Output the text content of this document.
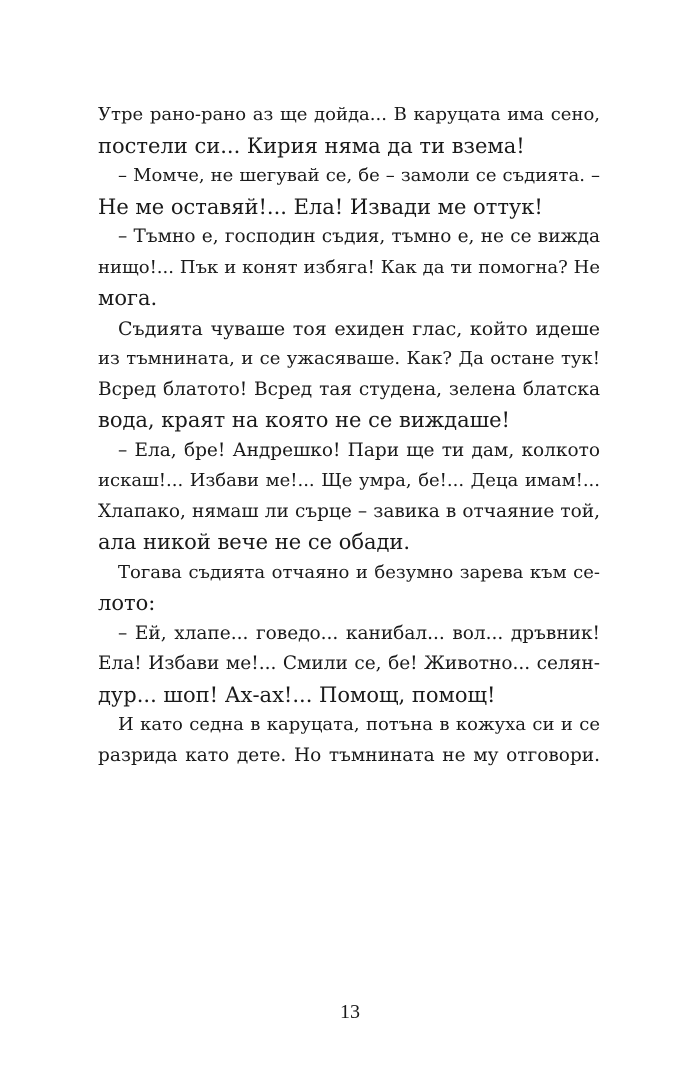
Утре рано-рано аз ще дойда... В каруцата има сено,
постели си... Кирия няма да ти взема!
– Момче, не шегувай се, бе – замоли се съдията. –
Не ме оставяй!... Ела! Извади ме оттук!
– Тъмно е, господин съдия, тъмно е, не се вижда
нищо!... Пък и конят избяга! Как да ти помогна? Не
мога.
Съдията чуваше тоя ехиден глас, който идеше
из тъмнината, и се ужасяваше. Как? Да остане тук!
Всред блатото! Всред тая студена, зелена блатска
вода, краят на която не се виждаше!
– Ела, бре! Андрешко! Пари ще ти дам, колкото
искаш!... Избави ме!... Ще умра, бе!... Деца имам!...
Хлапако, нямаш ли сърце – завика в отчаяние той,
ала никой вече не се обади.
Тогава съдията отчаяно и безумно зарева към се-
лото:
– Ей, хлапе... говедо... канибал... вол... дръвник!
Ела! Избави ме!... Смили се, бе! Животно... селян-
дур... шоп! Ах-ах!... Помощ, помощ!
И като седна в каруцата, потъна в кожуха си и се
разрида като дете. Но тъмнината не му отговори.
13
